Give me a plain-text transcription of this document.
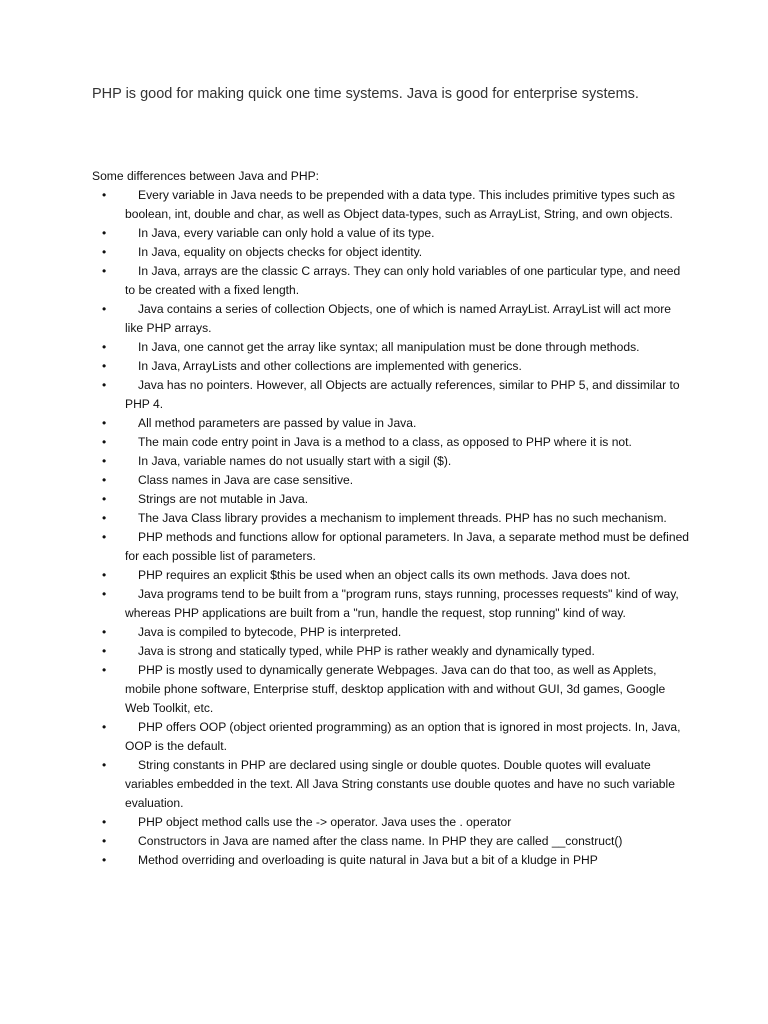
PHP is good for making quick one time systems. Java is good for enterprise systems.

Some differences between Java and PHP:

•	Every variable in Java needs to be prepended with a data type. This includes primitive types such as boolean, int, double and char, as well as Object data-types, such as ArrayList, String, and own objects.
•	In Java, every variable can only hold a value of its type.
•	In Java, equality on objects checks for object identity.
•	In Java, arrays are the classic C arrays. They can only hold variables of one particular type, and need to be created with a fixed length.
•	Java contains a series of collection Objects, one of which is named ArrayList. ArrayList will act more like PHP arrays.
•	In Java, one cannot get the array like syntax; all manipulation must be done through methods.
•	In Java, ArrayLists and other collections are implemented with generics.
•	Java has no pointers. However, all Objects are actually references, similar to PHP 5, and dissimilar to PHP 4.
•	All method parameters are passed by value in Java.
•	The main code entry point in Java is a method to a class, as opposed to PHP where it is not.
•	In Java, variable names do not usually start with a sigil ($).
•	Class names in Java are case sensitive.
•	Strings are not mutable in Java.
•	The Java Class library provides a mechanism to implement threads. PHP has no such mechanism.
•	PHP methods and functions allow for optional parameters. In Java, a separate method must be defined for each possible list of parameters.
•	PHP requires an explicit $this be used when an object calls its own methods. Java does not.
•	Java programs tend to be built from a "program runs, stays running, processes requests" kind of way, whereas PHP applications are built from a "run, handle the request, stop running" kind of way.
•	Java is compiled to bytecode, PHP is interpreted.
•	Java is strong and statically typed, while PHP is rather weakly and dynamically typed.
•	PHP is mostly used to dynamically generate Webpages. Java can do that too, as well as Applets, mobile phone software, Enterprise stuff, desktop application with and without GUI, 3d games, Google Web Toolkit, etc.
•	PHP offers OOP (object oriented programming) as an option that is ignored in most projects. In, Java, OOP is the default.
•	String constants in PHP are declared using single or double quotes. Double quotes will evaluate variables embedded in the text. All Java String constants use double quotes and have no such variable evaluation.
•	PHP object method calls use the -> operator. Java uses the . operator
•	Constructors in Java are named after the class name. In PHP they are called __construct()
•	Method overriding and overloading is quite natural in Java but a bit of a kludge in PHP
